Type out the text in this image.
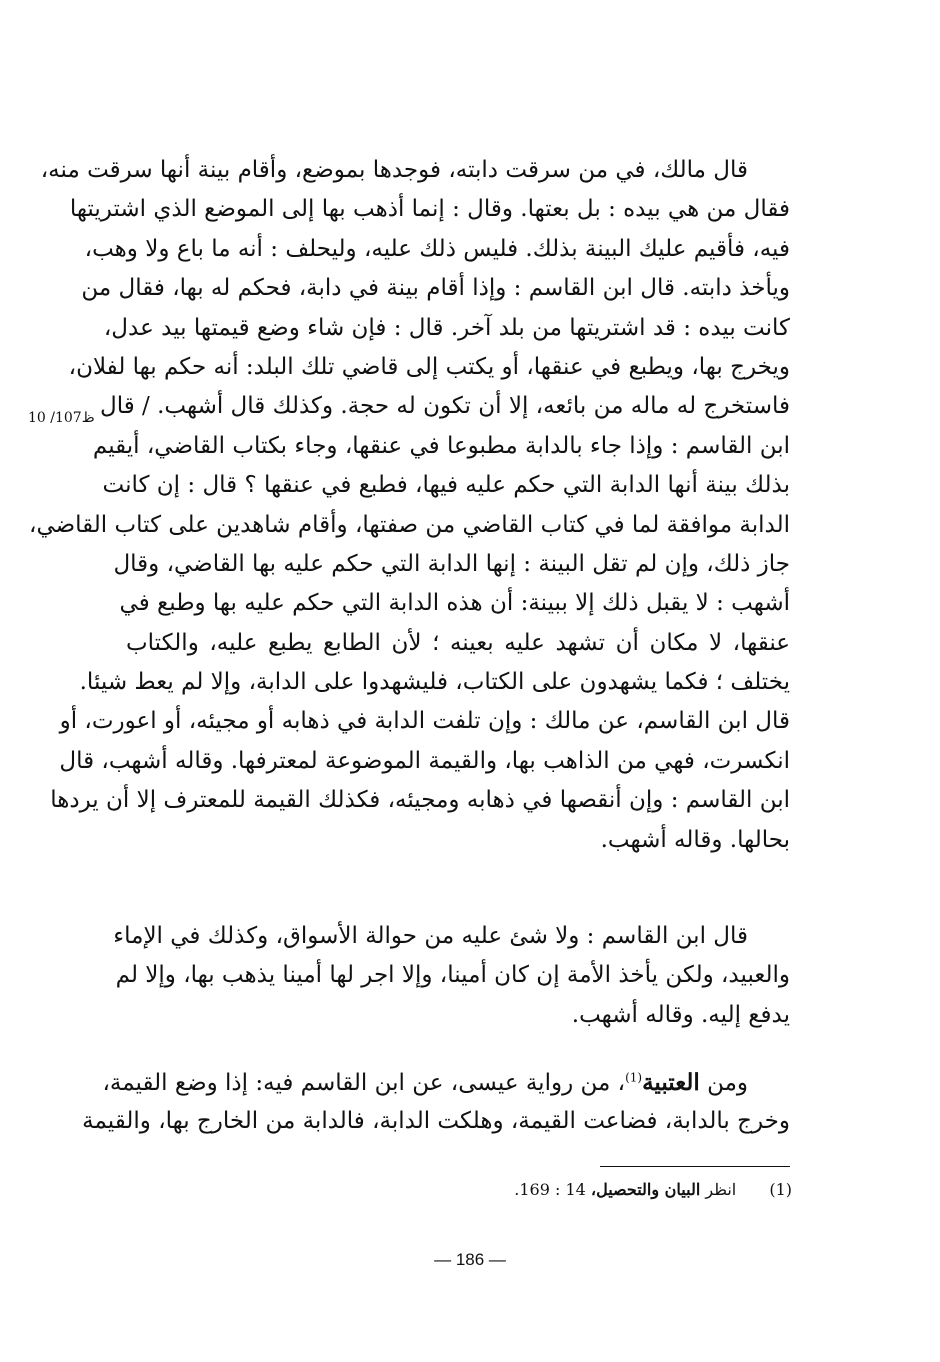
قال مالك، في من سرقت دابته، فوجدها بموضع، وأقام بينة أنها سرقت منه،
فقال من هي بيده : بل بعتها. وقال : إنما أذهب بها إلى الموضع الذي اشتريتها
فيه، فأقيم عليك البينة بذلك. فليس ذلك عليه، وليحلف : أنه ما باع ولا وهب،
ويأخذ دابته. قال ابن القاسم : وإذا أقام بينة في دابة، فحكم له بها، فقال من
كانت بيده : قد اشتريتها من بلد آخر. قال : فإن شاء وضع قيمتها بيد عدل،
ويخرج بها، ويطبع في عنقها، أو يكتب إلى قاضي تلك البلد: أنه حكم بها لفلان،
فاستخرج له ماله من بائعه، إلا أن تكون له حجة. وكذلك قال أشهب. / قال
ابن القاسم : وإذا جاء بالدابة مطبوعا في عنقها، وجاء بكتاب القاضي، أيقيم
بذلك بينة أنها الدابة التي حكم عليه فيها، فطبع في عنقها ؟ قال : إن كانت
الدابة موافقة لما في كتاب القاضي من صفتها، وأقام شاهدين على كتاب القاضي،
جاز ذلك، وإن لم تقل البينة : إنها الدابة التي حكم عليه بها القاضي، وقال
أشهب : لا يقبل ذلك إلا ببينة: أن هذه الدابة التي حكم عليه بها وطبع في
عنقها، لا مكان أن تشهد عليه بعينه ؛ لأن الطابع يطبع عليه، والكتاب
يختلف ؛ فكما يشهدون على الكتاب، فليشهدوا على الدابة، وإلا لم يعط شيئا.
قال ابن القاسم، عن مالك : وإن تلفت الدابة في ذهابه أو مجيئه، أو اعورت، أو
انكسرت، فهي من الذاهب بها، والقيمة الموضوعة لمعترفها. وقاله أشهب، قال
ابن القاسم : وإن أنقصها في ذهابه ومجيئه، فكذلك القيمة للمعترف إلا أن يردها
بحالها. وقاله أشهب.
10 /107ظ
قال ابن القاسم : ولا شئ عليه من حوالة الأسواق، وكذلك في الإماء
والعبيد، ولكن يأخذ الأمة إن كان أمينا، وإلا اجر لها أمينا يذهب بها، وإلا لم
يدفع إليه. وقاله أشهب.
ومن العتبية$^{(1)}$، من رواية عيسى، عن ابن القاسم فيه: إذا وضع القيمة،
وخرج بالدابة، فضاعت القيمة، وهلكت الدابة، فالدابة من الخارج بها، والقيمة
(1) انظر البيان والتحصيل، 14 : 169.
— 186 —
